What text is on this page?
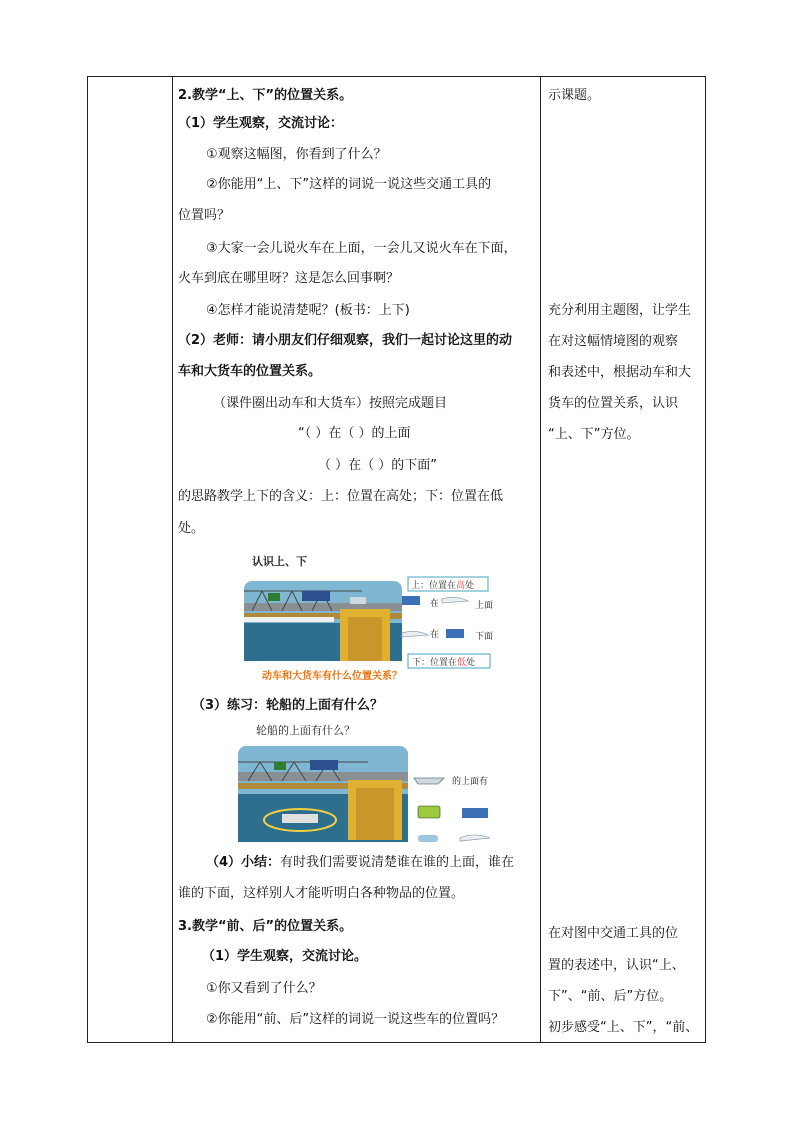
2.教学“上、下”的位置关系。
（1）学生观察，交流讨论：
①观察这幅图，你看到了什么？
②你能用“上、下”这样的词说一说这些交通工具的
位置吗？
③大家一会儿说火车在上面，一会儿又说火车在下面，
火车到底在哪里呀？这是怎么回事啊？
④怎样才能说清楚呢？(板书：上下)
（2）老师：请小朋友们仔细观察，我们一起讨论这里的动
车和大货车的位置关系。
（课件圈出动车和大货车）按照完成题目
“（ ）在（ ）的上面
（ ）在（ ）的下面”
的思路教学上下的含义：上：位置在高处；下：位置在低
处。
认识上、下
上：位置在高处
在	上面
在	下面
下：位置在低处
动车和大货车有什么位置关系？
（3）练习：轮船的上面有什么？
轮船的上面有什么？
的上面有
（4）小结：有时我们需要说清楚谁在谁的上面，谁在
谁的下面，这样别人才能听明白各种物品的位置。
3.教学“前、后”的位置关系。
（1）学生观察，交流讨论。
①你又看到了什么？
②你能用“前、后”这样的词说一说这些车的位置吗？
示课题。
充分利用主题图，让学生
在对这幅情境图的观察
和表述中，根据动车和大
货车的位置关系，认识
“上、下”方位。
在对图中交通工具的位
置的表述中，认识“上、
下”、“前、后”方位。
初步感受“上、下”，“前、
